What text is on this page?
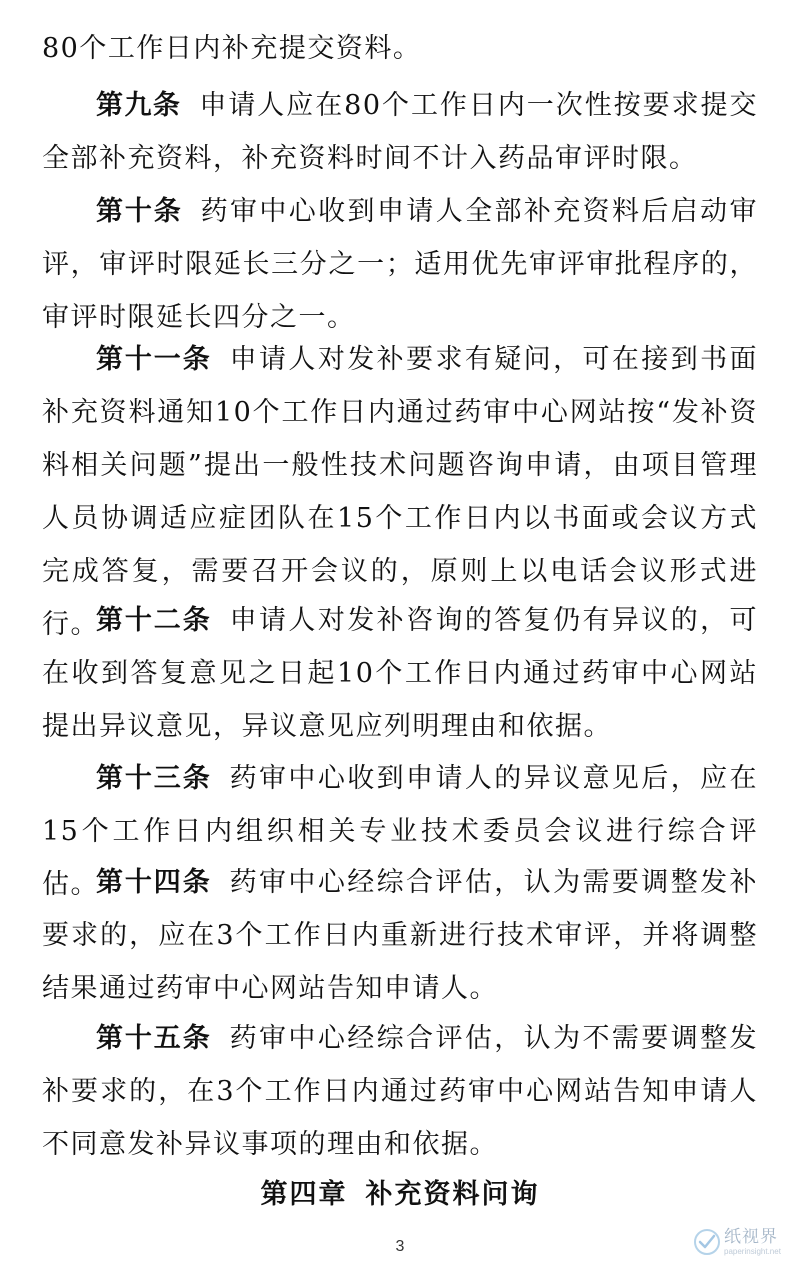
80个工作日内补充提交资料。

第九条 申请人应在80个工作日内一次性按要求提交全部补充资料，补充资料时间不计入药品审评时限。

第十条 药审中心收到申请人全部补充资料后启动审评，审评时限延长三分之一；适用优先审评审批程序的，审评时限延长四分之一。

第十一条 申请人对发补要求有疑问，可在接到书面补充资料通知10个工作日内通过药审中心网站按“发补资料相关问题”提出一般性技术问题咨询申请，由项目管理人员协调适应症团队在15个工作日内以书面或会议方式完成答复，需要召开会议的，原则上以电话会议形式进行。

第十二条 申请人对发补咨询的答复仍有异议的，可在收到答复意见之日起10个工作日内通过药审中心网站提出异议意见，异议意见应列明理由和依据。

第十三条 药审中心收到申请人的异议意见后，应在15个工作日内组织相关专业技术委员会议进行综合评估。

第十四条 药审中心经综合评估，认为需要调整发补要求的，应在3个工作日内重新进行技术审评，并将调整结果通过药审中心网站告知申请人。

第十五条 药审中心经综合评估，认为不需要调整发补要求的，在3个工作日内通过药审中心网站告知申请人不同意发补异议事项的理由和依据。

第四章 补充资料问询
3	纸视界
paperinsight.net
